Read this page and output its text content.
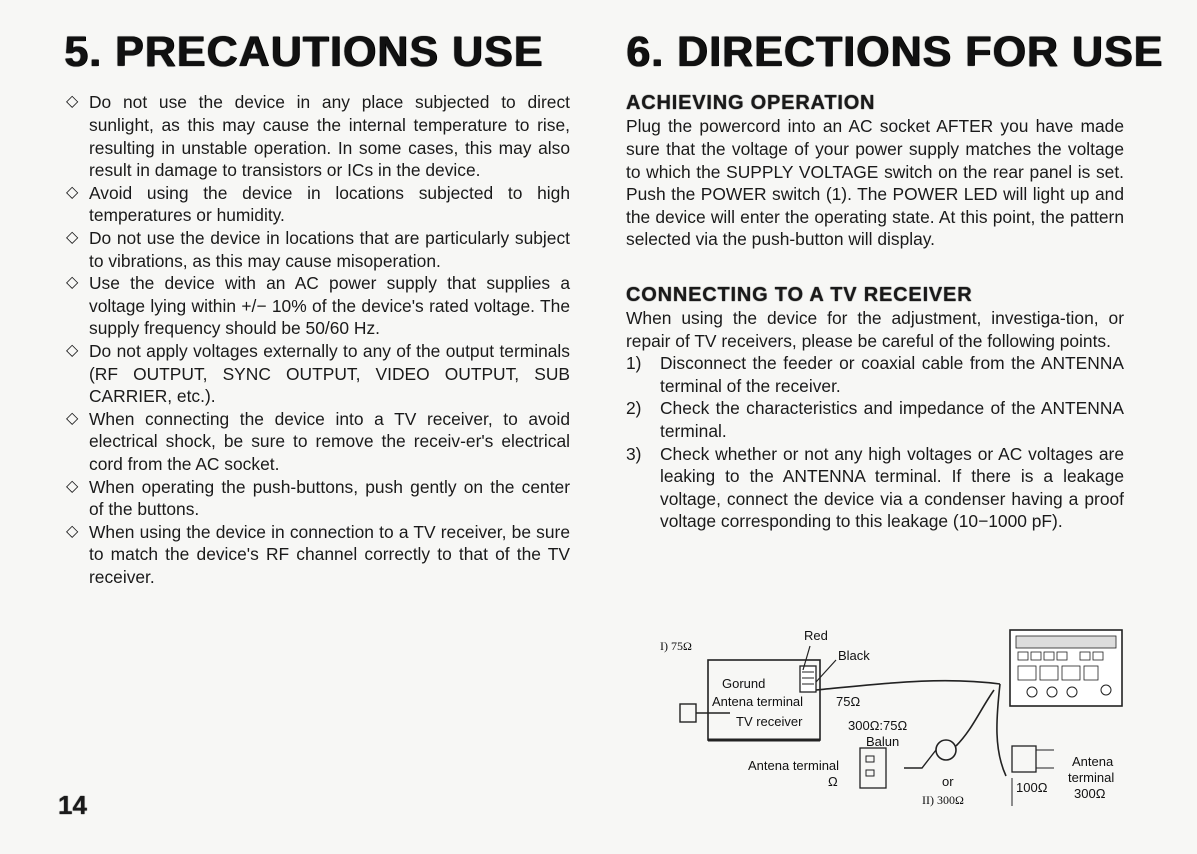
5. PRECAUTIONS USE
◇ Do not use the device in any place subjected to direct sunlight, as this may cause the internal temperature to rise, resulting in unstable operation. In some cases, this may also result in damage to transistors or ICs in the device.
◇ Avoid using the device in locations subjected to high temperatures or humidity.
◇ Do not use the device in locations that are particularly subject to vibrations, as this may cause misoperation.
◇ Use the device with an AC power supply that supplies a voltage lying within +/− 10% of the device's rated voltage. The supply frequency should be 50/60 Hz.
◇ Do not apply voltages externally to any of the output terminals (RF OUTPUT, SYNC OUTPUT, VIDEO OUTPUT, SUB CARRIER, etc.).
◇ When connecting the device into a TV receiver, to avoid electrical shock, be sure to remove the receiv-er's electrical cord from the AC socket.
◇ When operating the push-buttons, push gently on the center of the buttons.
◇ When using the device in connection to a TV receiver, be sure to match the device's RF channel correctly to that of the TV receiver.
6. DIRECTIONS FOR USE
ACHIEVING OPERATION

Plug the powercord into an AC socket AFTER you have made sure that the voltage of your power supply matches the voltage to which the SUPPLY VOLTAGE switch on the rear panel is set. Push the POWER switch (1). The POWER LED will light up and the device will enter the operating state. At this point, the pattern selected via the push-button will display.

CONNECTING TO A TV RECEIVER

When using the device for the adjustment, investiga-tion, or repair of TV receivers, please be careful of the following points.

1) Disconnect the feeder or coaxial cable from the ANTENNA terminal of the receiver.
2) Check the characteristics and impedance of the ANTENNA terminal.
3) Check whether or not any high voltages or AC voltages are leaking to the ANTENNA terminal. If there is a leakage voltage, connect the device via a condenser having a proof voltage corresponding to this leakage (10−1000 pF).
I) 75Ω
Red
Black
Gorund
Antena terminal
TV receiver
75Ω
300Ω:75Ω
Balun
Antena terminal
Ω	or
II) 300Ω
100Ω
Antena
terminal
300Ω
14
